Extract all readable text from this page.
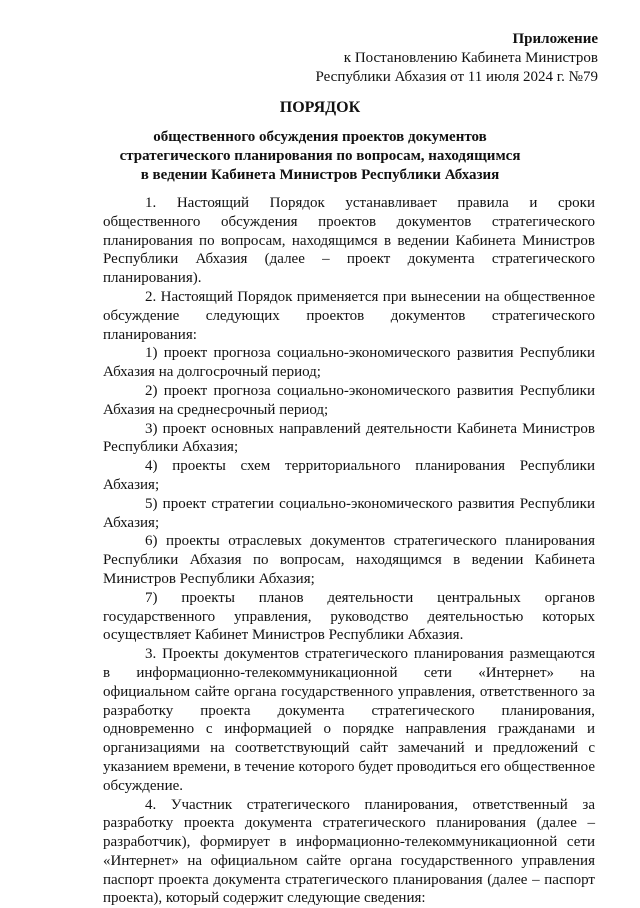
Приложение
к Постановлению Кабинета Министров
Республики Абхазия от 11 июля 2024 г. №79
ПОРЯДОК
общественного обсуждения проектов документов
стратегического планирования по вопросам, находящимся
в ведении Кабинета Министров Республики Абхазия

1. Настоящий Порядок устанавливает правила и сроки общественного обсуждения проектов документов стратегического планирования по вопросам, находящимся в ведении Кабинета Министров Республики Абхазия (далее – проект документа стратегического планирования).

2. Настоящий Порядок применяется при вынесении на общественное обсуждение следующих проектов документов стратегического планирования:

1) проект прогноза социально-экономического развития Республики Абхазия на долгосрочный период;

2) проект прогноза социально-экономического развития Республики Абхазия на среднесрочный период;

3) проект основных направлений деятельности Кабинета Министров Республики Абхазия;

4) проекты схем территориального планирования Республики Абхазия;

5) проект стратегии социально-экономического развития Республики Абхазия;

6) проекты отраслевых документов стратегического планирования Республики Абхазия по вопросам, находящимся в ведении Кабинета Министров Республики Абхазия;

7) проекты планов деятельности центральных органов государственного управления, руководство деятельностью которых осуществляет Кабинет Министров Республики Абхазия.

3. Проекты документов стратегического планирования размещаются в информационно-телекоммуникационной сети «Интернет» на официальном сайте органа государственного управления, ответственного за разработку проекта документа стратегического планирования, одновременно с информацией о порядке направления гражданами и организациями на соответствующий сайт замечаний и предложений с указанием времени, в течение которого будет проводиться его общественное обсуждение.

4. Участник стратегического планирования, ответственный за разработку проекта документа стратегического планирования (далее – разработчик), формирует в информационно-телекоммуникационной сети «Интернет» на официальном сайте органа государственного управления паспорт проекта документа стратегического планирования (далее – паспорт проекта), который содержит следующие сведения:
